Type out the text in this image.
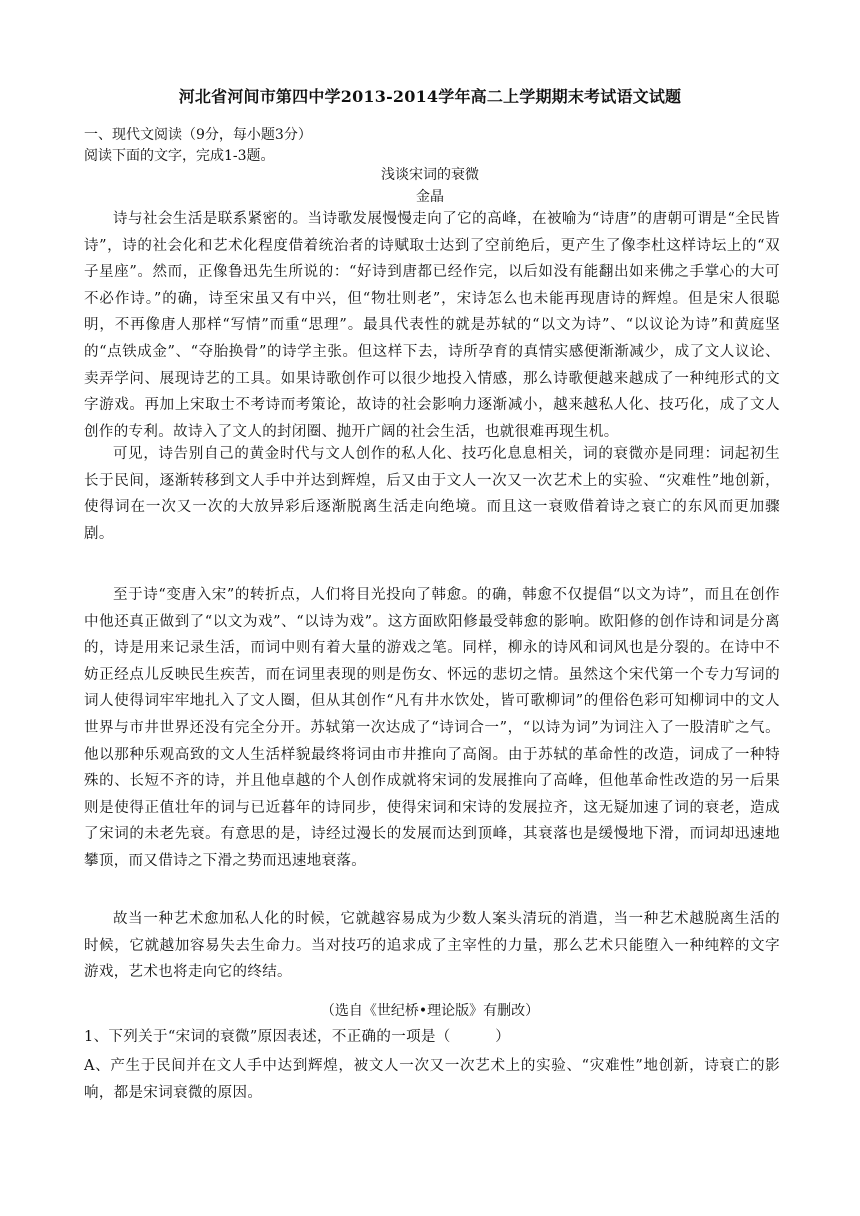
河北省河间市第四中学2013-2014学年高二上学期期末考试语文试题
一、现代文阅读（9分，每小题3分）
阅读下面的文字，完成1-3题。
浅谈宋词的衰微
金晶

诗与社会生活是联系紧密的。当诗歌发展慢慢走向了它的高峰，在被喻为“诗唐”的唐朝可谓是“全民皆诗”，诗的社会化和艺术化程度借着统治者的诗赋取士达到了空前绝后，更产生了像李杜这样诗坛上的“双子星座”。然而，正像鲁迅先生所说的：“好诗到唐都已经作完，以后如没有能翻出如来佛之手掌心的大可不必作诗。”的确，诗至宋虽又有中兴，但“物壮则老”，宋诗怎么也未能再现唐诗的辉煌。但是宋人很聪明，不再像唐人那样“写情”而重“思理”。最具代表性的就是苏轼的“以文为诗”、“以议论为诗”和黄庭坚的“点铁成金”、“夺胎换骨”的诗学主张。但这样下去，诗所孕育的真情实感便渐渐减少，成了文人议论、卖弄学问、展现诗艺的工具。如果诗歌创作可以很少地投入情感，那么诗歌便越来越成了一种纯形式的文字游戏。再加上宋取士不考诗而考策论，故诗的社会影响力逐渐减小，越来越私人化、技巧化，成了文人创作的专利。故诗入了文人的封闭圈、抛开广阔的社会生活，也就很难再现生机。

可见，诗告别自己的黄金时代与文人创作的私人化、技巧化息息相关，词的衰微亦是同理：词起初生长于民间，逐渐转移到文人手中并达到辉煌，后又由于文人一次又一次艺术上的实验、“灾难性”地创新，使得词在一次又一次的大放异彩后逐渐脱离生活走向绝境。而且这一衰败借着诗之衰亡的东风而更加骤剧。

至于诗“变唐入宋”的转折点，人们将目光投向了韩愈。的确，韩愈不仅提倡“以文为诗”，而且在创作中他还真正做到了“以文为戏”、“以诗为戏”。这方面欧阳修最受韩愈的影响。欧阳修的创作诗和词是分离的，诗是用来记录生活，而词中则有着大量的游戏之笔。同样，柳永的诗风和词风也是分裂的。在诗中不妨正经点儿反映民生疾苦，而在词里表现的则是伤女、怀远的悲切之情。虽然这个宋代第一个专力写词的词人使得词牢牢地扎入了文人圈，但从其创作“凡有井水饮处，皆可歌柳词”的俚俗色彩可知柳词中的文人世界与市井世界还没有完全分开。苏轼第一次达成了“诗词合一”，“以诗为词”为词注入了一股清旷之气。他以那种乐观高致的文人生活样貌最终将词由市井推向了高阁。由于苏轼的革命性的改造，词成了一种特殊的、长短不齐的诗，并且他卓越的个人创作成就将宋词的发展推向了高峰，但他革命性改造的另一后果则是使得正值壮年的词与已近暮年的诗同步，使得宋词和宋诗的发展拉齐，这无疑加速了词的衰老，造成了宋词的未老先衰。有意思的是，诗经过漫长的发展而达到顶峰，其衰落也是缓慢地下滑，而词却迅速地攀顶，而又借诗之下滑之势而迅速地衰落。

故当一种艺术愈加私人化的时候，它就越容易成为少数人案头清玩的消遣，当一种艺术越脱离生活的时候，它就越加容易失去生命力。当对技巧的追求成了主宰性的力量，那么艺术只能堕入一种纯粹的文字游戏，艺术也将走向它的终结。

（选自《世纪桥•理论版》有删改）
1、下列关于“宋词的衰微”原因表述，不正确的一项是（　　　）
A、产生于民间并在文人手中达到辉煌，被文人一次又一次艺术上的实验、“灾难性”地创新，诗衰亡的影响，都是宋词衰微的原因。
